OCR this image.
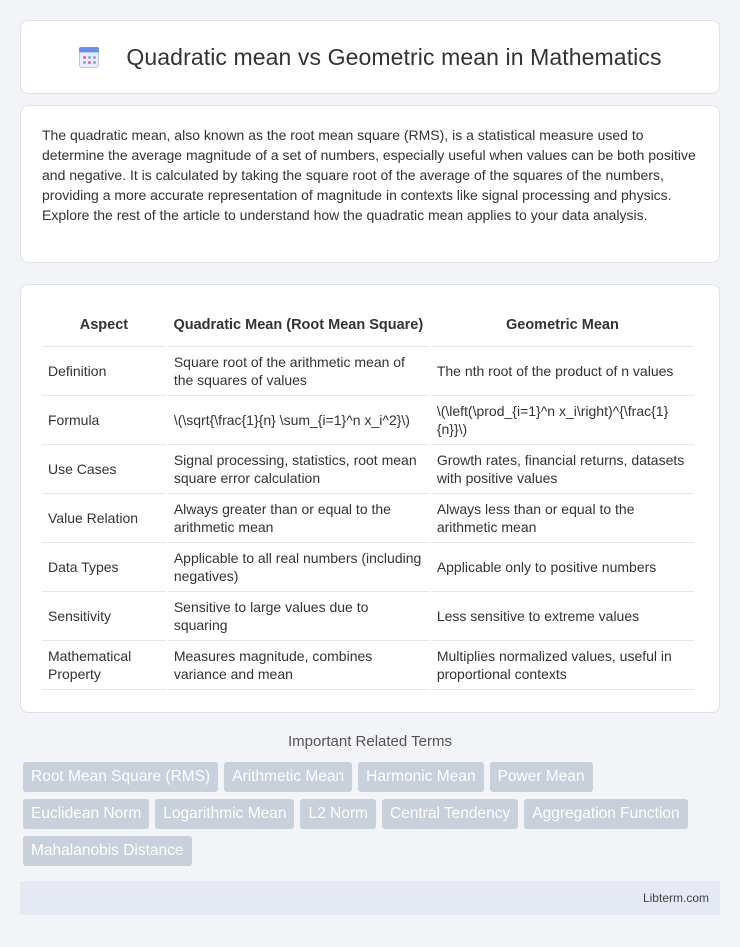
Quadratic mean vs Geometric mean in Mathematics

The quadratic mean, also known as the root mean square (RMS), is a statistical measure used to determine the average magnitude of a set of numbers, especially useful when values can be both positive and negative. It is calculated by taking the square root of the average of the squares of the numbers, providing a more accurate representation of magnitude in contexts like signal processing and physics. Explore the rest of the article to understand how the quadratic mean applies to your data analysis.

Aspect	Quadratic Mean (Root Mean Square)	Geometric Mean
Definition	Square root of the arithmetic mean of the squares of values	The nth root of the product of n values
Formula	\(\sqrt{\frac{1}{n} \sum_{i=1}^n x_i^2}\)	\(\left(\prod_{i=1}^n x_i\right)^{\frac{1}{n}}\)
Use Cases	Signal processing, statistics, root mean square error calculation	Growth rates, financial returns, datasets with positive values
Value Relation	Always greater than or equal to the arithmetic mean	Always less than or equal to the arithmetic mean
Data Types	Applicable to all real numbers (including negatives)	Applicable only to positive numbers
Sensitivity	Sensitive to large values due to squaring	Less sensitive to extreme values
Mathematical Property	Measures magnitude, combines variance and mean	Multiplies normalized values, useful in proportional contexts
Important Related Terms
Root Mean Square (RMS)	Arithmetic Mean	Harmonic Mean	Power Mean
Euclidean Norm	Logarithmic Mean	L2 Norm	Central Tendency	Aggregation Function
Mahalanobis Distance
Libterm.com
